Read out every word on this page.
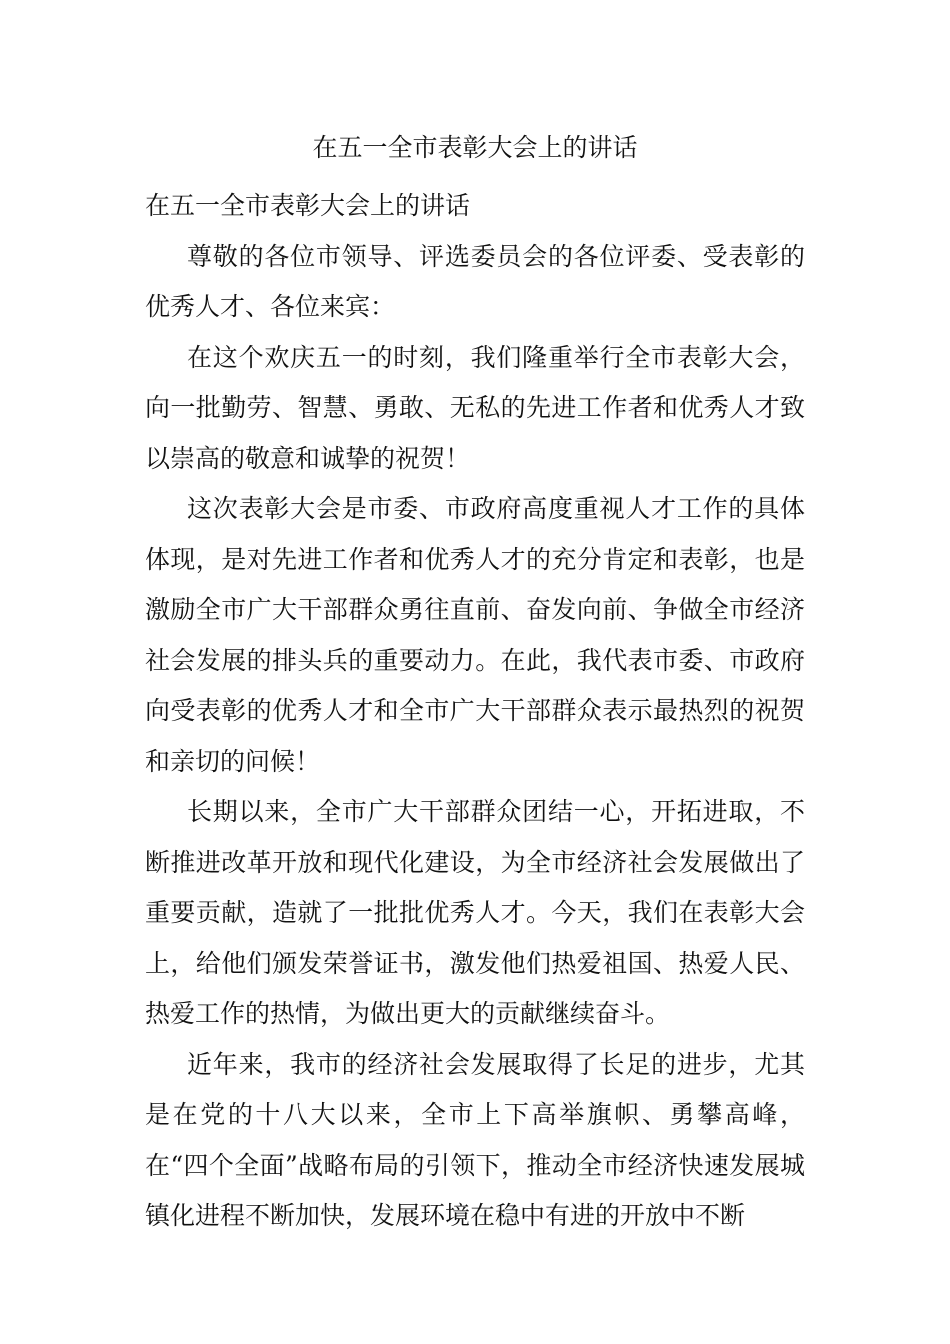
在五一全市表彰大会上的讲话

在五一全市表彰大会上的讲话

尊敬的各位市领导、评选委员会的各位评委、受表彰的优秀人才、各位来宾：

在这个欢庆五一的时刻，我们隆重举行全市表彰大会，向一批勤劳、智慧、勇敢、无私的先进工作者和优秀人才致以崇高的敬意和诚挚的祝贺！

这次表彰大会是市委、市政府高度重视人才工作的具体体现，是对先进工作者和优秀人才的充分肯定和表彰，也是激励全市广大干部群众勇往直前、奋发向前、争做全市经济社会发展的排头兵的重要动力。在此，我代表市委、市政府向受表彰的优秀人才和全市广大干部群众表示最热烈的祝贺和亲切的问候！

长期以来，全市广大干部群众团结一心，开拓进取，不断推进改革开放和现代化建设，为全市经济社会发展做出了重要贡献，造就了一批批优秀人才。今天，我们在表彰大会上，给他们颁发荣誉证书，激发他们热爱祖国、热爱人民、热爱工作的热情，为做出更大的贡献继续奋斗。

近年来，我市的经济社会发展取得了长足的进步，尤其是在党的十八大以来，全市上下高举旗帜、勇攀高峰，在“四个全面”战略布局的引领下，推动全市经济快速发展城镇化进程不断加快，发展环境在稳中有进的开放中不断
